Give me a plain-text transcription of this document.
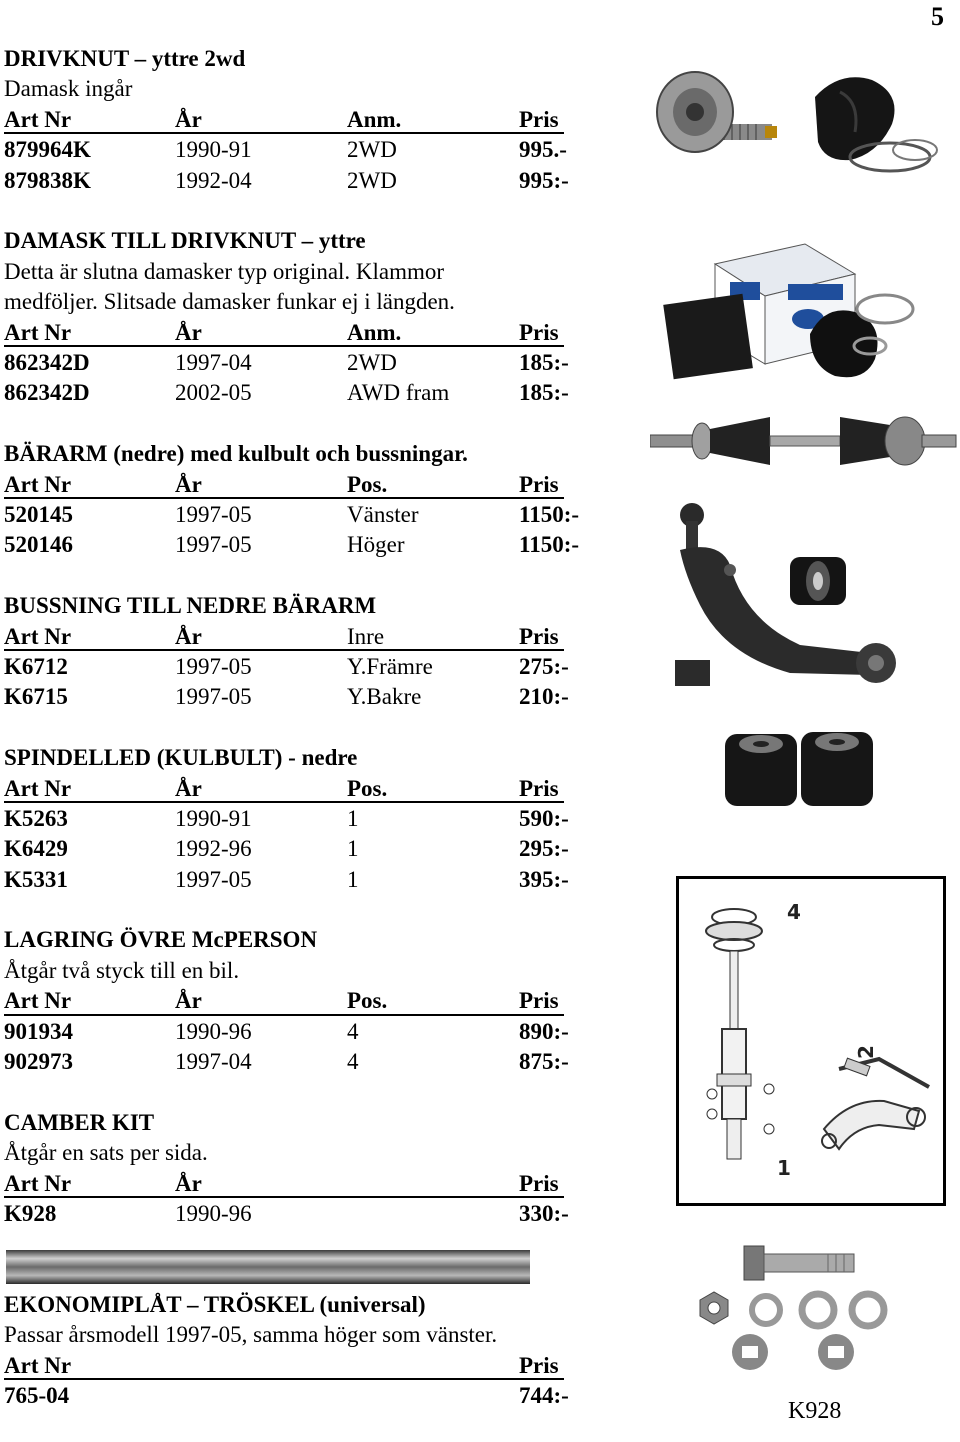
5
DRIVKNUT – yttre 2wd
Damask ingår
Art Nr	År	Anm.	Pris
879964K	1990-91	2WD	995.-
879838K	1992-04	2WD	995:-
DAMASK TILL DRIVKNUT – yttre
Detta är slutna damasker typ original. Klammor
medföljer. Slitsade damasker funkar ej i längden.
Art Nr	År	Anm.	Pris
862342D	1997-04	2WD	185:-
862342D	2002-05	AWD fram	185:-
BÄRARM (nedre) med kulbult och bussningar.
Art Nr	År	Pos.	Pris
520145	1997-05	Vänster	1150:-
520146	1997-05	Höger	1150:-
BUSSNING TILL NEDRE BÄRARM
Art Nr	År	Inre	Pris
K6712	1997-05	Y.Främre	275:-
K6715	1997-05	Y.Bakre	210:-
SPINDELLED (KULBULT) - nedre
Art Nr	År	Pos.	Pris
K5263	1990-91	1	590:-
K6429	1992-96	1	295:-
K5331	1997-05	1	395:-
LAGRING ÖVRE McPERSON
Åtgår två styck till en bil.
Art Nr	År	Pos.	Pris
901934	1990-96	4	890:-
902973	1997-04	4	875:-
CAMBER KIT
Åtgår en sats per sida.
Art Nr	År	Pris
K928	1990-96	330:-
EKONOMIPLÅT – TRÖSKEL (universal)
Passar årsmodell 1997-05, samma höger som vänster.
Art Nr	Pris
765-04	744:-
4
2
1
K928
